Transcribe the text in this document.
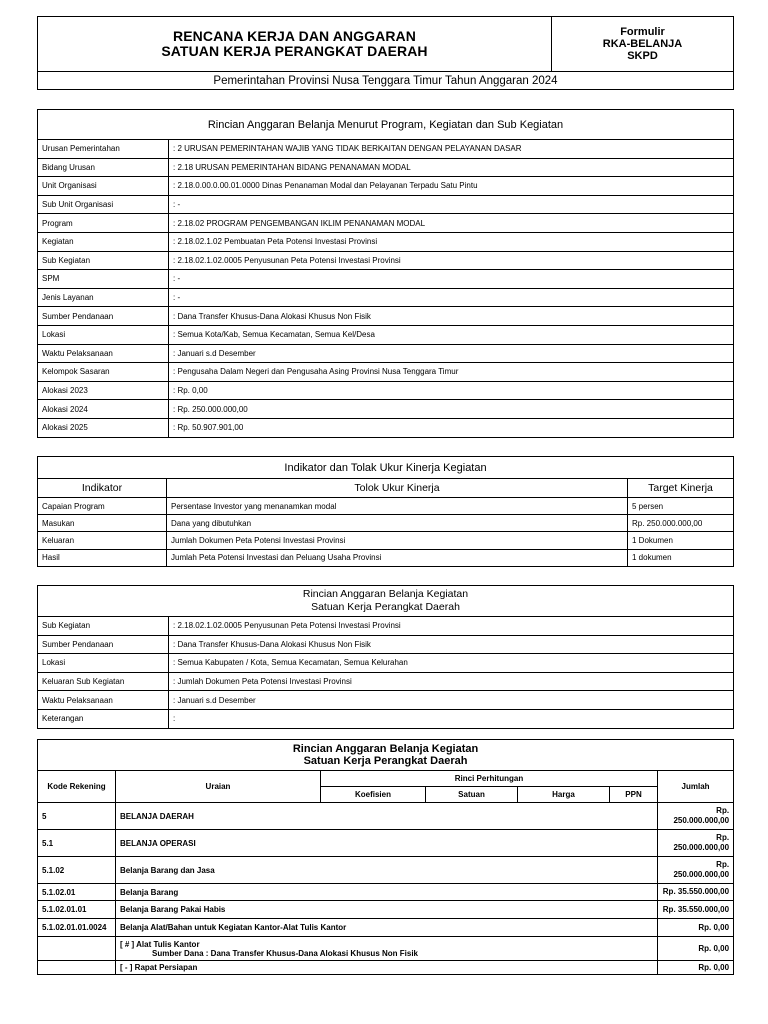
RENCANA KERJA DAN ANGGARAN
SATUAN KERJA PERANGKAT DAERAH

Formulir
RKA-BELANJA
SKPD

Pemerintahan Provinsi Nusa Tenggara Timur Tahun Anggaran 2024
Rincian Anggaran Belanja Menurut Program, Kegiatan dan Sub Kegiatan	
Urusan Pemerintahan	: 2 URUSAN PEMERINTAHAN WAJIB YANG TIDAK BERKAITAN DENGAN PELAYANAN DASAR
Bidang Urusan	: 2.18 URUSAN PEMERINTAHAN BIDANG PENANAMAN MODAL
Unit Organisasi	: 2.18.0.00.0.00.01.0000 Dinas Penanaman Modal dan Pelayanan Terpadu Satu Pintu
Sub Unit Organisasi	: -
Program	: 2.18.02 PROGRAM PENGEMBANGAN IKLIM PENANAMAN MODAL
Kegiatan	: 2.18.02.1.02 Pembuatan Peta Potensi Investasi Provinsi
Sub Kegiatan	: 2.18.02.1.02.0005 Penyusunan Peta Potensi Investasi Provinsi
SPM	: -
Jenis Layanan	: -
Sumber Pendanaan	: Dana Transfer Khusus-Dana Alokasi Khusus Non Fisik
Lokasi	: Semua Kota/Kab, Semua Kecamatan, Semua Kel/Desa
Waktu Pelaksanaan	: Januari s.d Desember
Kelompok Sasaran	: Pengusaha Dalam Negeri dan Pengusaha Asing Provinsi Nusa Tenggara Timur
Alokasi 2023	: Rp. 0,00
Alokasi 2024	: Rp. 250.000.000,00
Alokasi 2025	: Rp. 50.907.901,00
Indikator dan Tolak Ukur Kinerja Kegiatan		
Indikator	Tolok Ukur Kinerja	Target Kinerja
Capaian Program	Persentase Investor yang menanamkan modal	5 persen
Masukan	Dana yang dibutuhkan	Rp. 250.000.000,00
Keluaran	Jumlah Dokumen Peta Potensi Investasi Provinsi	1 Dokumen
Hasil	Jumlah Peta Potensi Investasi dan Peluang Usaha Provinsi	1 dokumen
Rincian Anggaran Belanja Kegiatan
Satuan Kerja Perangkat Daerah	

Sub Kegiatan	: 2.18.02.1.02.0005 Penyusunan Peta Potensi Investasi Provinsi
Sumber Pendanaan	: Dana Transfer Khusus-Dana Alokasi Khusus Non Fisik
Lokasi	: Semua Kabupaten / Kota, Semua Kecamatan, Semua Kelurahan
Keluaran Sub Kegiatan	: Jumlah Dokumen Peta Potensi Investasi Provinsi
Waktu Pelaksanaan	: Januari s.d Desember
Keterangan	:
Rincian Anggaran Belanja Kegiatan
Satuan Kerja Perangkat Daerah						

Kode Rekening	Uraian	Rinci Perhitungan				Jumlah
		Koefisien	Satuan	Harga	PPN	
5	BELANJA DAERAH					Rp.
250.000.000,00

5.1	BELANJA OPERASI					Rp.
250.000.000,00

5.1.02	Belanja Barang dan Jasa					Rp.
250.000.000,00

5.1.02.01	Belanja Barang					Rp. 35.550.000,00

5.1.02.01.01	Belanja Barang Pakai Habis					Rp. 35.550.000,00

5.1.02.01.01.0024	Belanja Alat/Bahan untuk Kegiatan Kantor-Alat Tulis Kantor					Rp. 0,00

	[ # ] Alat Tulis Kantor
Sumber Dana : Dana Transfer Khusus-Dana Alokasi Khusus Non Fisik					Rp. 0,00

	[ - ] Rapat Persiapan					Rp. 0,00
